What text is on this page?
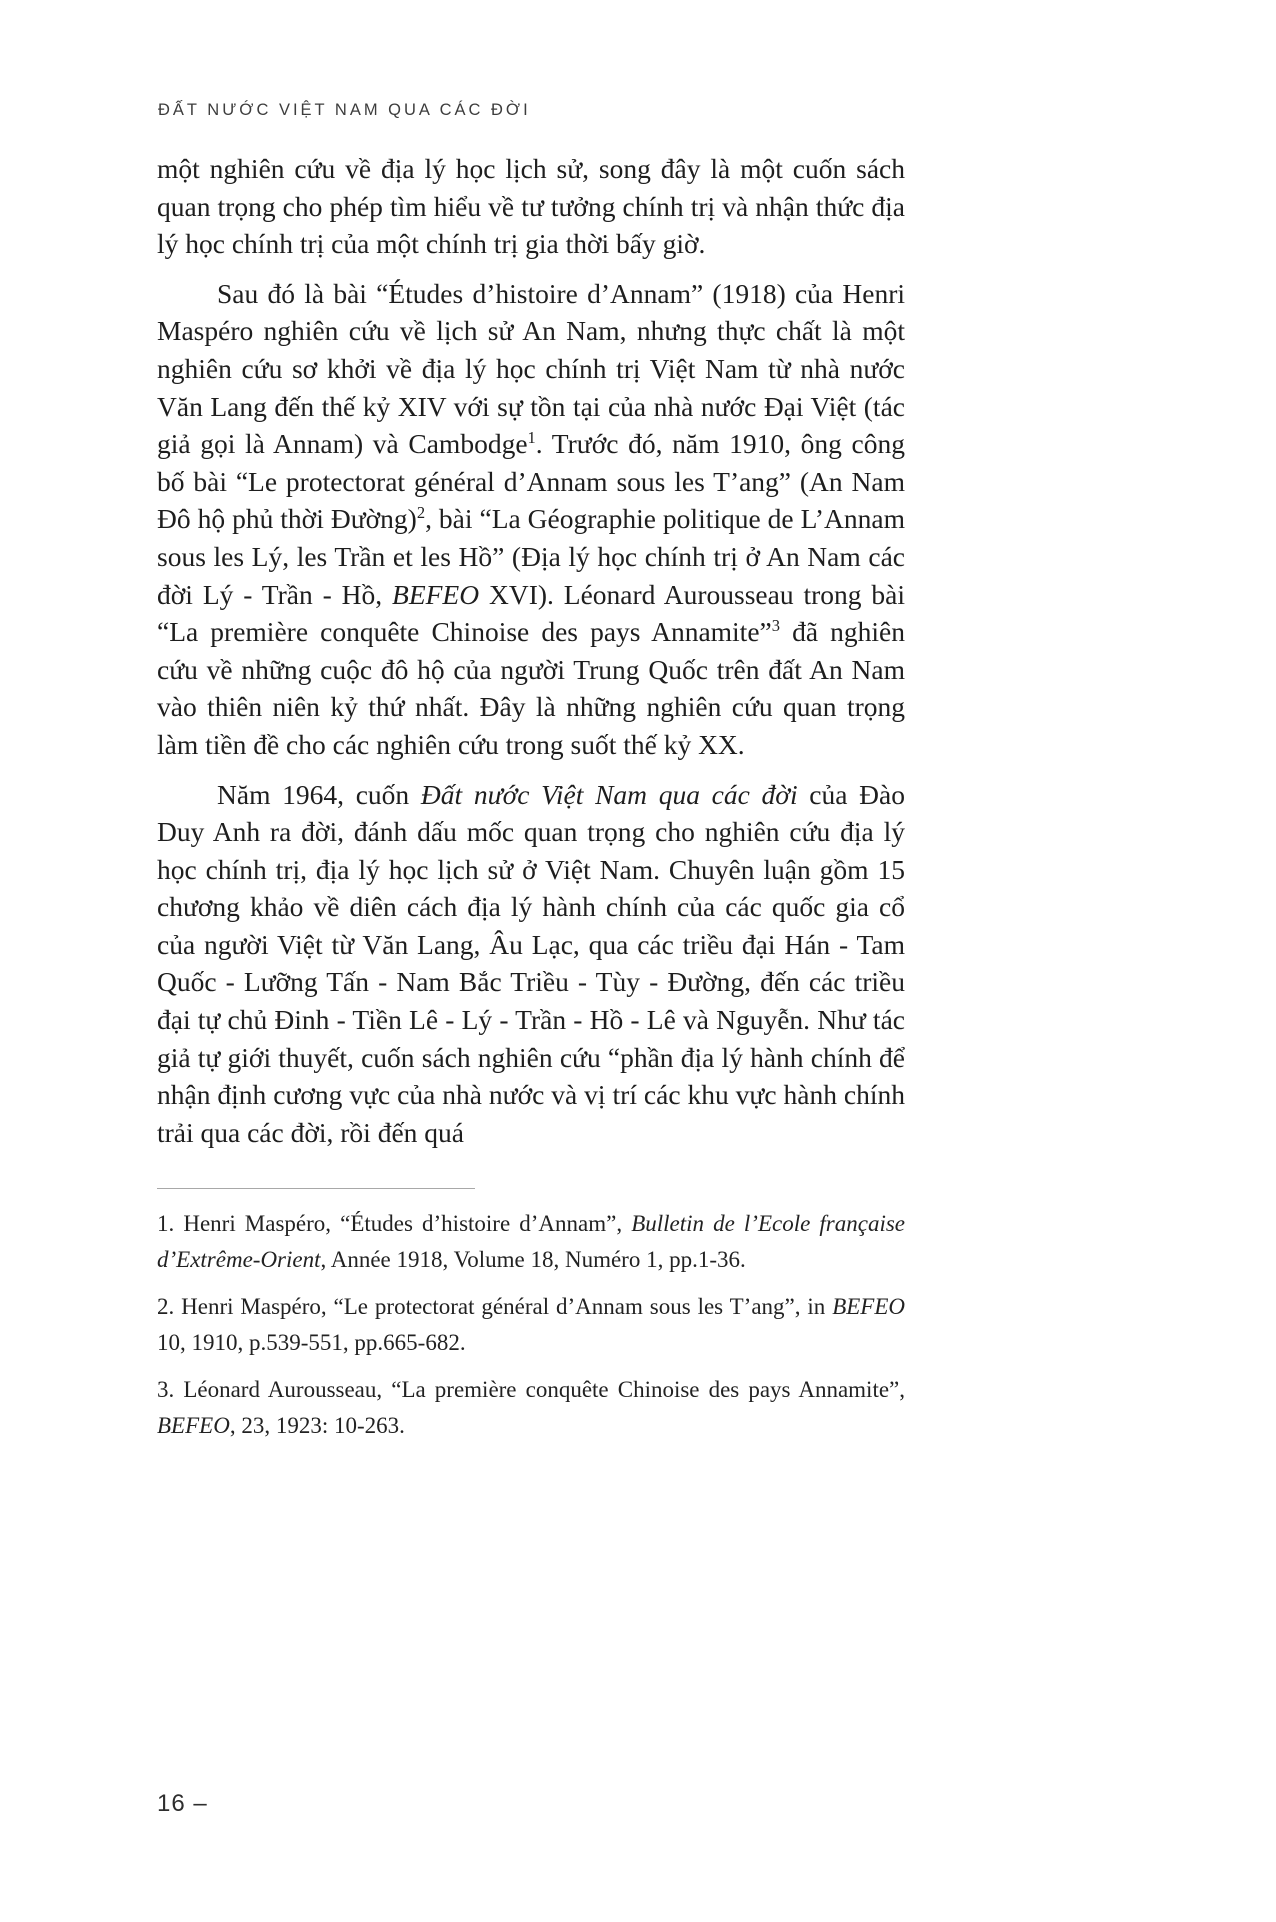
ĐẤT NƯỚC VIỆT NAM QUA CÁC ĐỜI

một nghiên cứu về địa lý học lịch sử, song đây là một cuốn sách quan trọng cho phép tìm hiểu về tư tưởng chính trị và nhận thức địa lý học chính trị của một chính trị gia thời bấy giờ.

Sau đó là bài “Études d’histoire d’Annam” (1918) của Henri Maspéro nghiên cứu về lịch sử An Nam, nhưng thực chất là một nghiên cứu sơ khởi về địa lý học chính trị Việt Nam từ nhà nước Văn Lang đến thế kỷ XIV với sự tồn tại của nhà nước Đại Việt (tác giả gọi là Annam) và Cambodge$^1$. Trước đó, năm 1910, ông công bố bài “Le protectorat général d’Annam sous les T’ang” (An Nam Đô hộ phủ thời Đường)$^2$, bài “La Géographie politique de L’Annam sous les Lý, les Trần et les Hồ” (Địa lý học chính trị ở An Nam các đời Lý - Trần - Hồ, BEFEO XVI). Léonard Aurousseau trong bài “La première conquête Chinoise des pays Annamite”$^3$ đã nghiên cứu về những cuộc đô hộ của người Trung Quốc trên đất An Nam vào thiên niên kỷ thứ nhất. Đây là những nghiên cứu quan trọng làm tiền đề cho các nghiên cứu trong suốt thế kỷ XX.

Năm 1964, cuốn Đất nước Việt Nam qua các đời của Đào Duy Anh ra đời, đánh dấu mốc quan trọng cho nghiên cứu địa lý học chính trị, địa lý học lịch sử ở Việt Nam. Chuyên luận gồm 15 chương khảo về diên cách địa lý hành chính của các quốc gia cổ của người Việt từ Văn Lang, Âu Lạc, qua các triều đại Hán - Tam Quốc - Lưỡng Tấn - Nam Bắc Triều - Tùy - Đường, đến các triều đại tự chủ Đinh - Tiền Lê - Lý - Trần - Hồ - Lê và Nguyễn. Như tác giả tự giới thuyết, cuốn sách nghiên cứu “phần địa lý hành chính để nhận định cương vực của nhà nước và vị trí các khu vực hành chính trải qua các đời, rồi đến quá

1. Henri Maspéro, “Études d’histoire d’Annam”, Bulletin de l’Ecole française d’Extrême-Orient, Année 1918, Volume 18, Numéro 1, pp.1-36.

2. Henri Maspéro, “Le protectorat général d’Annam sous les T’ang”, in BEFEO 10, 1910, p.539-551, pp.665-682.

3. Léonard Aurousseau, “La première conquête Chinoise des pays Annamite”, BEFEO, 23, 1923: 10-263.

16 –
